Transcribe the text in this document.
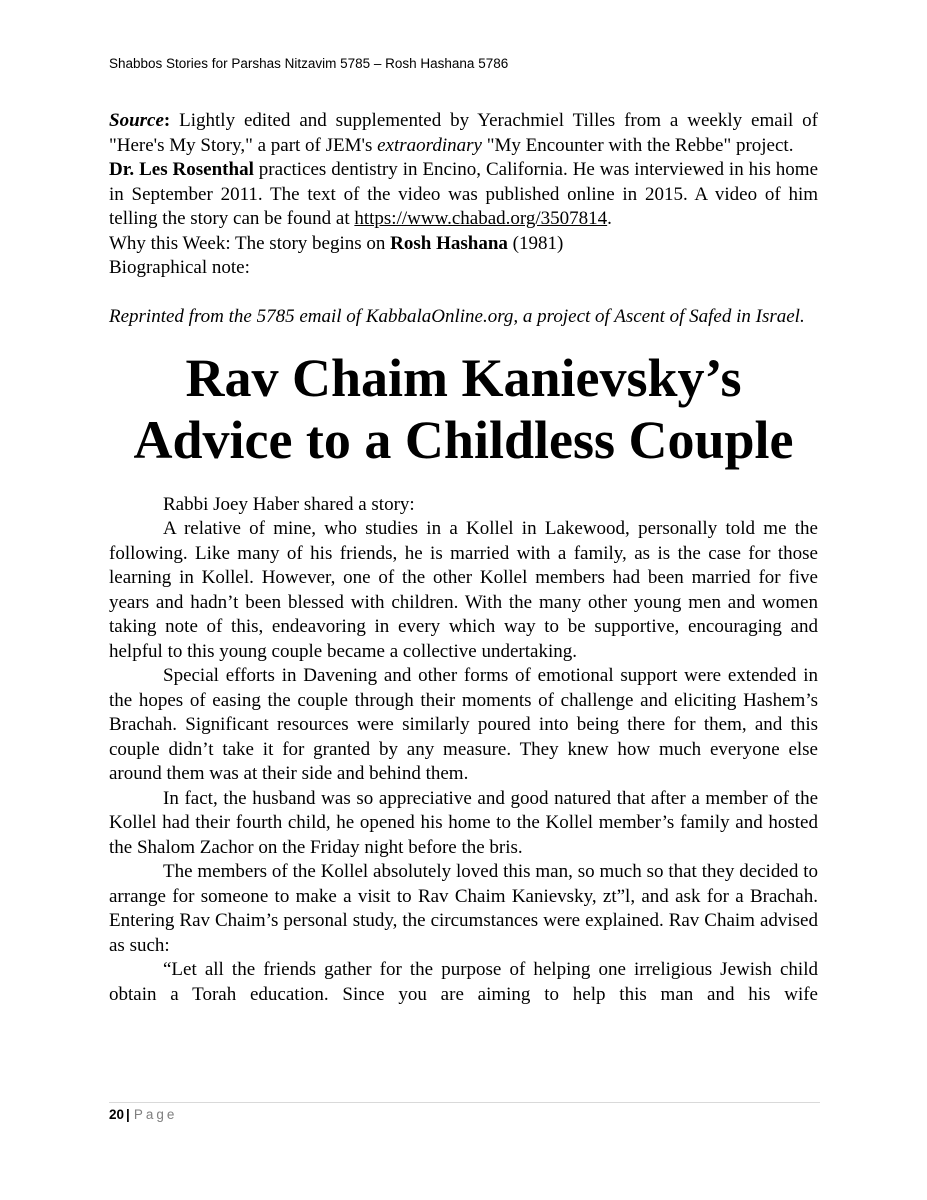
Shabbos Stories for Parshas Nitzavim 5785 – Rosh Hashana 5786

Source: Lightly edited and supplemented by Yerachmiel Tilles from a weekly email of "Here's My Story," a part of JEM's extraordinary "My Encounter with the Rebbe" project.

Dr. Les Rosenthal practices dentistry in Encino, California. He was interviewed in his home in September 2011. The text of the video was published online in 2015. A video of him telling the story can be found at https://www.chabad.org/3507814.

Why this Week: The story begins on Rosh Hashana (1981)

Biographical note:

Reprinted from the 5785 email of KabbalaOnline.org, a project of Ascent of Safed in Israel.

Rav Chaim Kanievsky’s
Advice to a Childless Couple

Rabbi Joey Haber shared a story:

A relative of mine, who studies in a Kollel in Lakewood, personally told me the following. Like many of his friends, he is married with a family, as is the case for those learning in Kollel. However, one of the other Kollel members had been married for five years and hadn’t been blessed with children. With the many other young men and women taking note of this, endeavoring in every which way to be supportive, encouraging and helpful to this young couple became a collective undertaking.

Special efforts in Davening and other forms of emotional support were extended in the hopes of easing the couple through their moments of challenge and eliciting Hashem’s Brachah. Significant resources were similarly poured into being there for them, and this couple didn’t take it for granted by any measure. They knew how much everyone else around them was at their side and behind them.

In fact, the husband was so appreciative and good natured that after a member of the Kollel had their fourth child, he opened his home to the Kollel member’s family and hosted the Shalom Zachor on the Friday night before the bris.

The members of the Kollel absolutely loved this man, so much so that they decided to arrange for someone to make a visit to Rav Chaim Kanievsky, zt”l, and ask for a Brachah. Entering Rav Chaim’s personal study, the circumstances were explained. Rav Chaim advised as such:

“Let all the friends gather for the purpose of helping one irreligious Jewish child obtain a Torah education. Since you are aiming to help this man and his wife

20 | Page
